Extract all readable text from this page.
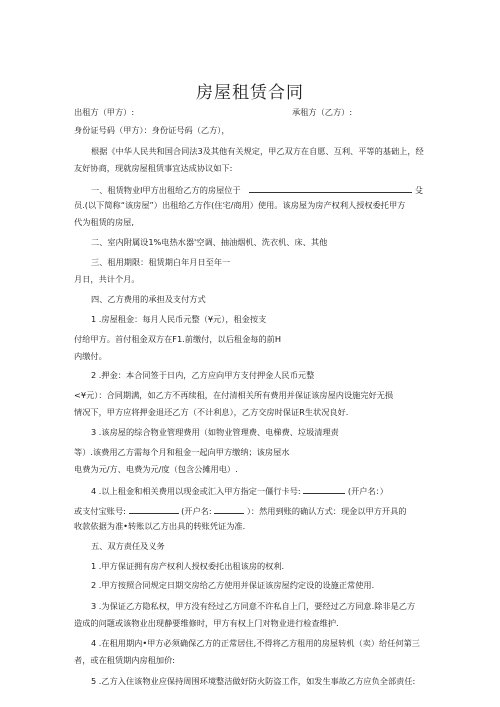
房屋租赁合同
出租方（甲方）:	承租方（乙方）:
身份证号码（甲方）：身份证号码（乙方），
根据《中华人民共和国合同法3及其他有关规定，甲乙双方在自愿、互利、平等的基础上，经
友好协商，现就房屋租赁事宜达成协议如下:
一、租赁物业l甲方出租给乙方的房屋位于	殳
员.(以下简称“该房屋”）出租给乙方作(住宅/商用）使用。该房屋为房产权利人授权委托甲方
代为租赁的房屋,
二、室内附属设1%电热水器'空调、抽油烟机、洗衣机、床、其他
三、租用期限：租赁期白年月日至年一
月日，共计个月。
四、乙方费用的承担及支付方式
1 .房屋租金：每月人民币元整（¥元），租金按支
付给甲方。首付租金双方在F1.前缴付，以后租金每的前H
内缴付。
2 .押金：本合同签于日内，乙方应向甲方支付押金人民币元整
<¥元）：合同期满，如乙方不再续租，在付清相关所有费用并保证该房屋内设施完好无损
情况下，甲方应将押金退还乙方（不计利息），乙方交房时保证R生状况良好.
3 .该房屋的综合物业管理费用（如物业管理费、电梯费、垃圾清理责
等）.该费用乙方需每个月和租金一起向甲方缴纳；该房屋水
电费为元/方、电费为元/度（包含公摊用电）.
4 .以上租金和相关费用以现金或汇入甲方指定一僵行卡号:	(开户名：）
或支付宝账号:	(开户名:	）：然用到账的确认方式：现金以甲方开具的
收款依据为准•转账以乙方出具的转账凭证为准.
五、双方责任及义务
1 .甲方保证拥有房产权利人授权委托出租该房的权利.
2 .甲方按照合同规定日期交房给乙方使用并保证该房屋约定设的设施正常使用.
3 .为保证乙方隐私权，甲方没有经过乙方同意不许私自上门，要经过乙方同意.除非是乙方
造成的问题或该物业出现静要维修时，甲方有权上门对物业进行检查维护.
4 .在租用期内•甲方必须确保乙方的正常居住,不得将乙方租用的房屋转机（卖）给任何第三
者，或在租赁期内房租加价:
5 .乙方入住该物业应保持周围环境整洁做好防火防盗工作，如发生事故乙方应负全部责任:
